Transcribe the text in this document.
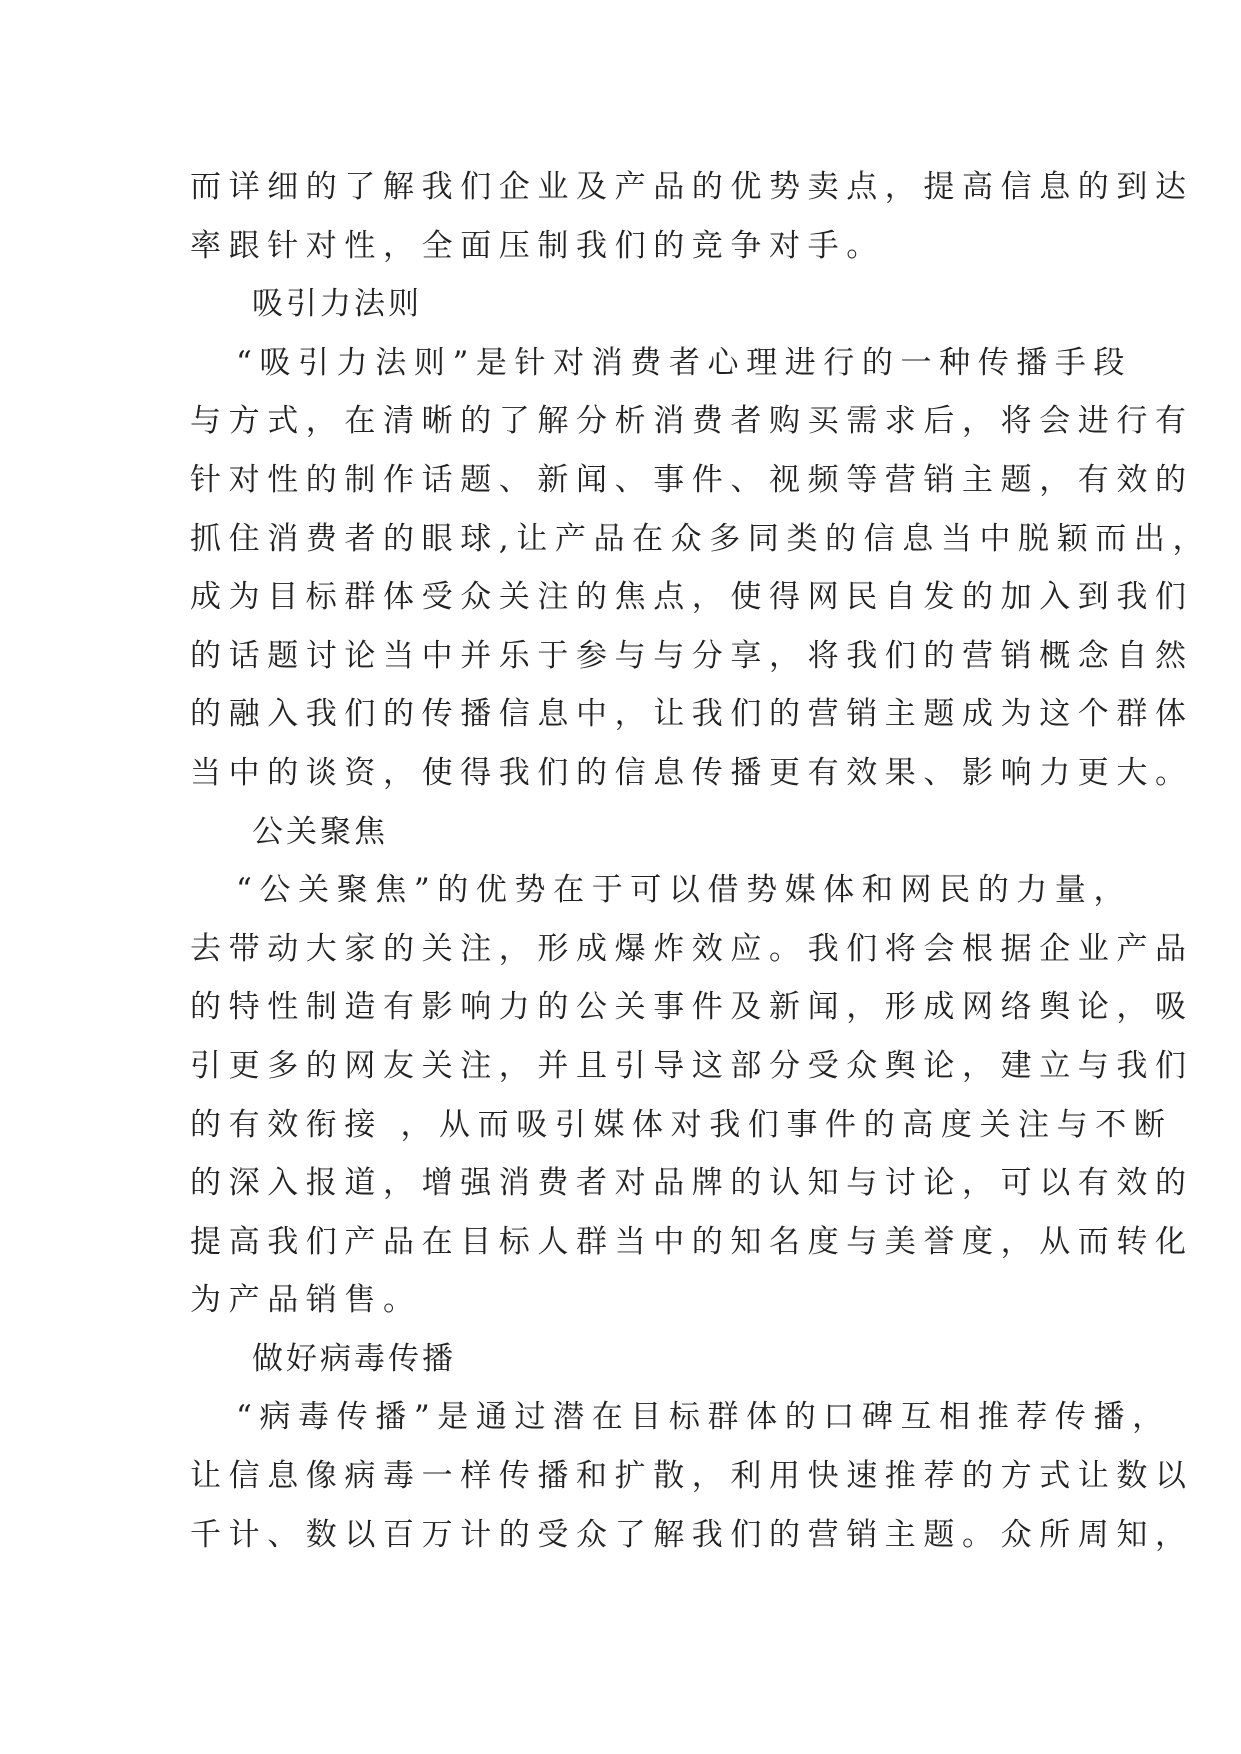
而详细的了解我们企业及产品的优势卖点，提高信息的到达
率跟针对性，全面压制我们的竞争对手。
吸引力法则
“吸引力法则”是针对消费者心理进行的一种传播手段
与方式，在清晰的了解分析消费者购买需求后，将会进行有
针对性的制作话题、新闻、事件、视频等营销主题，有效的
抓住消费者的眼球,让产品在众多同类的信息当中脱颖而出，
成为目标群体受众关注的焦点，使得网民自发的加入到我们
的话题讨论当中并乐于参与与分享，将我们的营销概念自然
的融入我们的传播信息中，让我们的营销主题成为这个群体
当中的谈资，使得我们的信息传播更有效果、影响力更大。
公关聚焦
“公关聚焦”的优势在于可以借势媒体和网民的力量，
去带动大家的关注，形成爆炸效应。我们将会根据企业产品
的特性制造有影响力的公关事件及新闻，形成网络舆论，吸
引更多的网友关注，并且引导这部分受众舆论，建立与我们
的有效衔接 ，从而吸引媒体对我们事件的高度关注与不断
的深入报道，增强消费者对品牌的认知与讨论，可以有效的
提高我们产品在目标人群当中的知名度与美誉度，从而转化
为产品销售。
做好病毒传播
“病毒传播”是通过潜在目标群体的口碑互相推荐传播，
让信息像病毒一样传播和扩散，利用快速推荐的方式让数以
千计、数以百万计的受众了解我们的营销主题。众所周知，
